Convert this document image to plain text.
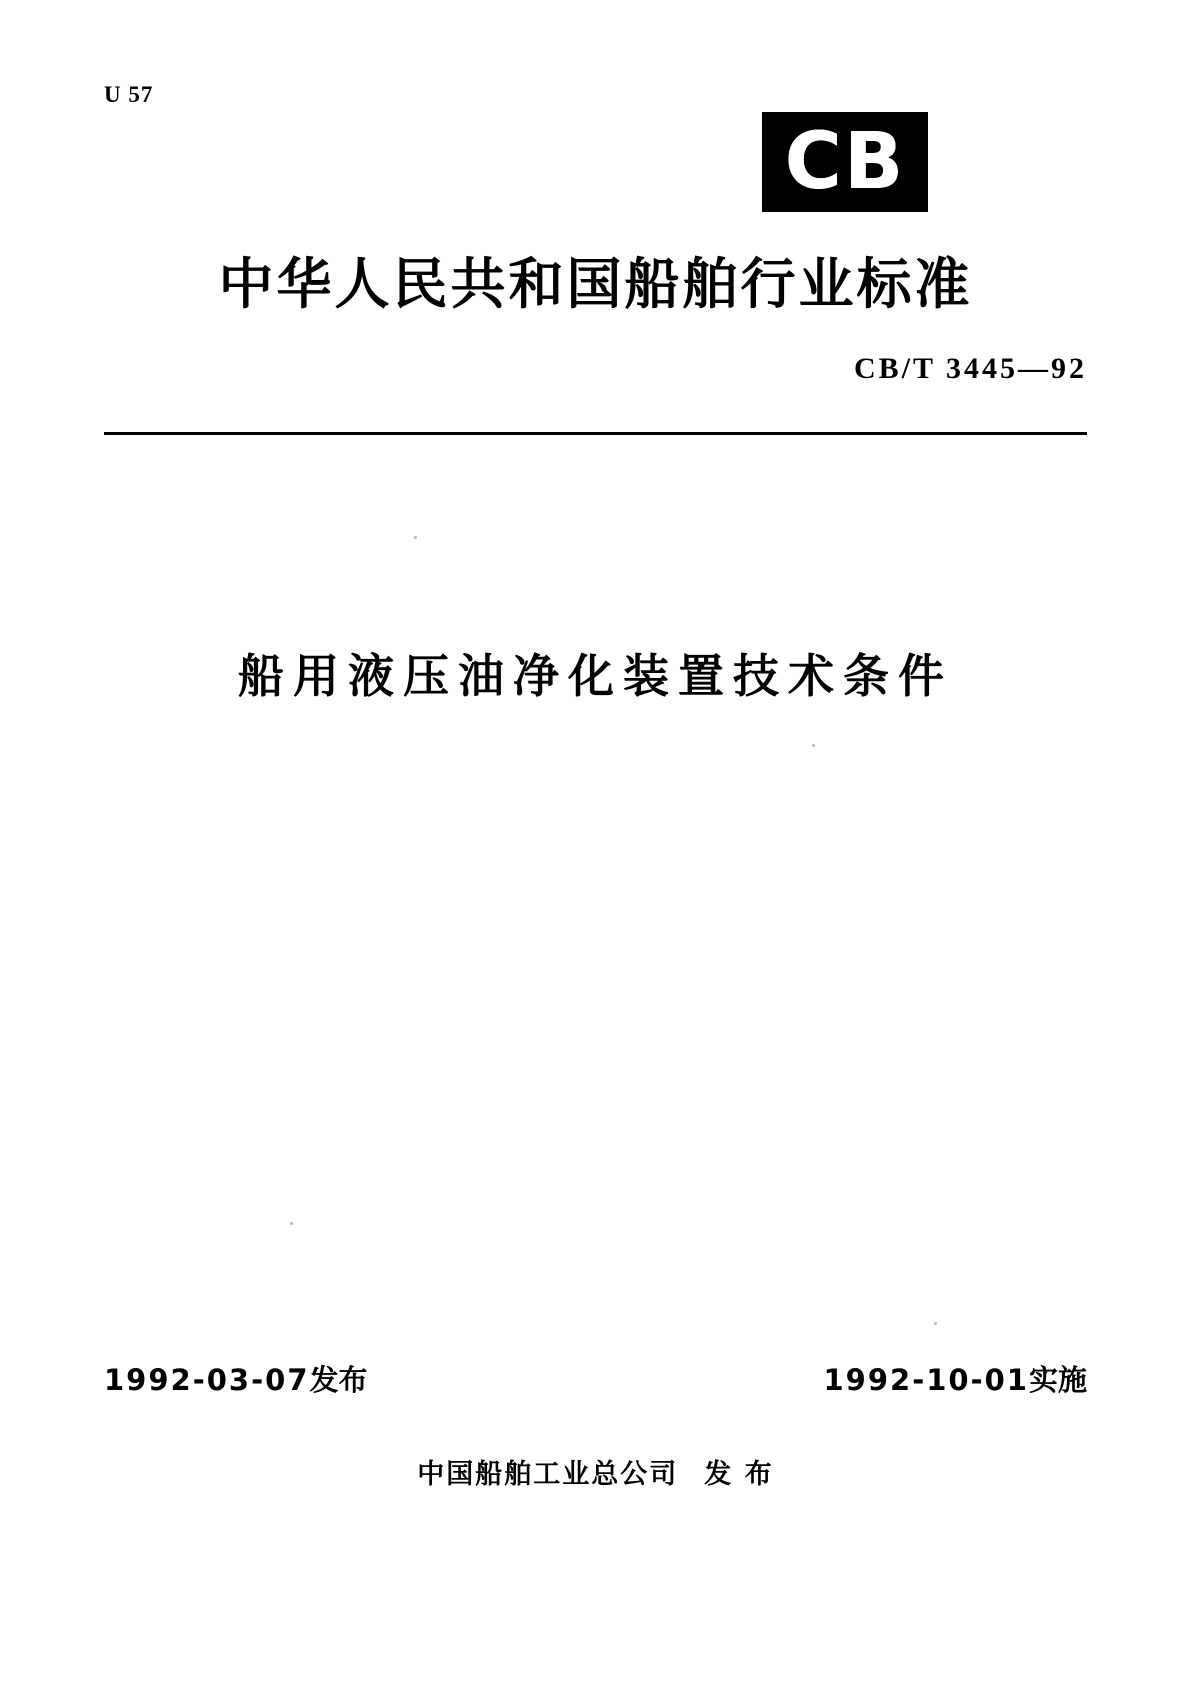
U 57
CB
中华人民共和国船舶行业标准
CB/T 3445—92
船用液压油净化装置技术条件
1992-03-07发布	1992-10-01实施
中国船舶工业总公司 发 布
